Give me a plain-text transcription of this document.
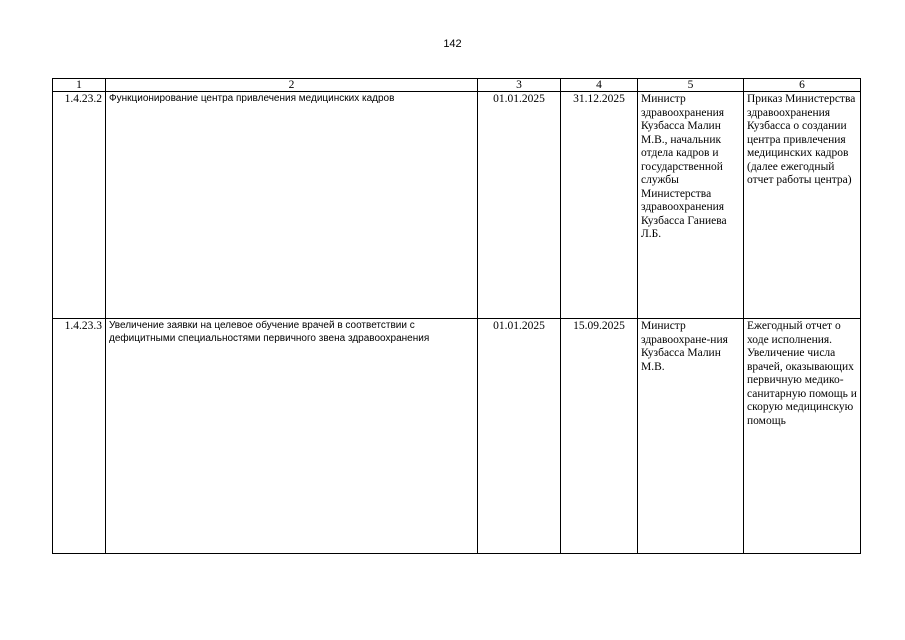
142
1	2	3	4	5	6
1.4.23.2	Функционирование центра привлечения медицинских кадров	01.01.2025	31.12.2025	Министр здравоохранения Кузбасса Малин М.В., начальник отдела кадров и государственной службы Министерства здравоохранения Кузбасса Ганиева Л.Б.	Приказ Министерства здравоохранения Кузбасса о создании центра привлечения медицинских кадров (далее ежегодный отчет работы центра)
1.4.23.3	Увеличение заявки на целевое обучение врачей в соответствии с дефицитными специальностями первичного звена здравоохранения	01.01.2025	15.09.2025	Министр здравоохране-ния Кузбасса Малин М.В.	Ежегодный отчет о ходе исполнения. Увеличение числа врачей, оказывающих первичную медико-санитарную помощь и скорую медицинскую помощь
